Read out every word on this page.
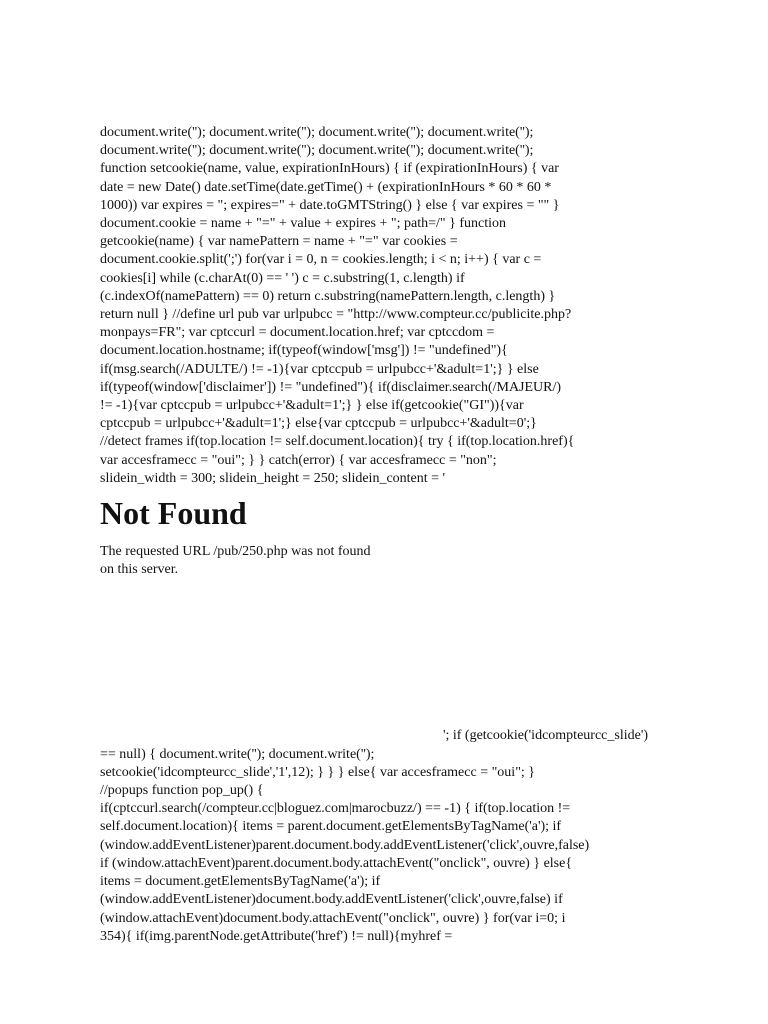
document.write(''); document.write(''); document.write(''); document.write('');
document.write(''); document.write(''); document.write(''); document.write('');
function setcookie(name, value, expirationInHours) { if (expirationInHours) { var
date = new Date() date.setTime(date.getTime() + (expirationInHours * 60 * 60 *
1000)) var expires = "; expires=" + date.toGMTString() } else { var expires = "" }
document.cookie = name + "=" + value + expires + "; path=/" } function
getcookie(name) { var namePattern = name + "=" var cookies =
document.cookie.split(';') for(var i = 0, n = cookies.length; i < n; i++) { var c =
cookies[i] while (c.charAt(0) == ' ') c = c.substring(1, c.length) if
(c.indexOf(namePattern) == 0) return c.substring(namePattern.length, c.length) }
return null } //define url pub var urlpubcc = "http://www.compteur.cc/publicite.php?
monpays=FR"; var cptccurl = document.location.href; var cptccdom =
document.location.hostname; if(typeof(window['msg']) != "undefined"){
if(msg.search(/ADULTE/) != -1){var cptccpub = urlpubcc+'&adult=1';} } else
if(typeof(window['disclaimer']) != "undefined"){ if(disclaimer.search(/MAJEUR/)
!= -1){var cptccpub = urlpubcc+'&adult=1';} } else if(getcookie("GI")){var
cptccpub = urlpubcc+'&adult=1';} else{var cptccpub = urlpubcc+'&adult=0';}
//detect frames if(top.location != self.document.location){ try { if(top.location.href){
var accesframecc = "oui"; } } catch(error) { var accesframecc = "non";
slidein_width = 300; slidein_height = 250; slidein_content = '
Not Found

The requested URL /pub/250.php was not found on this server.

'; if (getcookie('idcompteurcc_slide')
== null) { document.write(''); document.write('');
setcookie('idcompteurcc_slide','1',12); } } } else{ var accesframecc = "oui"; }
//popups function pop_up() {
if(cptccurl.search(/compteur.cc|bloguez.com|marocbuzz/) == -1) { if(top.location !=
self.document.location){ items = parent.document.getElementsByTagName('a'); if
(window.addEventListener)parent.document.body.addEventListener('click',ouvre,false)
if (window.attachEvent)parent.document.body.attachEvent("onclick", ouvre) } else{
items = document.getElementsByTagName('a'); if
(window.addEventListener)document.body.addEventListener('click',ouvre,false) if
(window.attachEvent)document.body.attachEvent("onclick", ouvre) } for(var i=0; i
354){ if(img.parentNode.getAttribute('href') != null){myhref =
